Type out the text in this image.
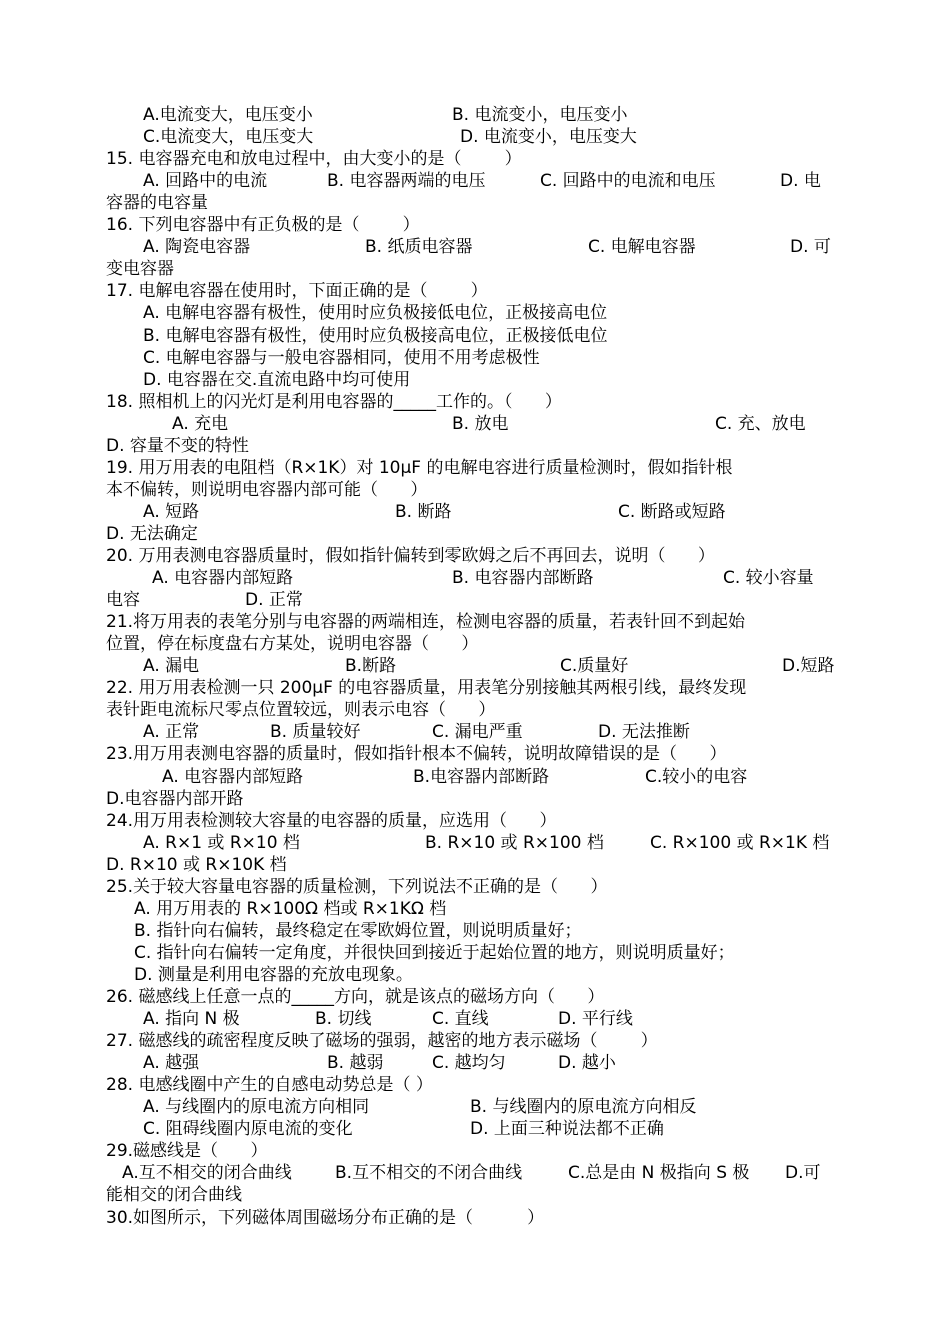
A.电流变大，电压变小	B. 电流变小，电压变小
C.电流变大，电压变大	D. 电流变小，电压变大
15. 电容器充电和放电过程中，由大变小的是（        ）
A. 回路中的电流	B. 电容器两端的电压	C. 回路中的电流和电压	D. 电
容器的电容量
16. 下列电容器中有正负极的是（        ）
A. 陶瓷电容器	B. 纸质电容器	C. 电解电容器	D. 可
变电容器
17. 电解电容器在使用时，下面正确的是（        ）
A. 电解电容器有极性，使用时应负极接低电位，正极接高电位
B. 电解电容器有极性，使用时应负极接高电位，正极接低电位
C. 电解电容器与一般电容器相同，使用不用考虑极性
D. 电容器在交.直流电路中均可使用
18. 照相机上的闪光灯是利用电容器的_____工作的。（      ）
A. 充电	B. 放电	C. 充、放电
D. 容量不变的特性
19. 用万用表的电阻档（R×1K）对 10μF 的电解电容进行质量检测时，假如指针根
本不偏转，则说明电容器内部可能（      ）
A. 短路	B. 断路	C. 断路或短路
D. 无法确定
20. 万用表测电容器质量时，假如指针偏转到零欧姆之后不再回去，说明（      ）
A. 电容器内部短路	B. 电容器内部断路	C. 较小容量
电容	D. 正常
21.将万用表的表笔分别与电容器的两端相连，检测电容器的质量，若表针回不到起始
位置，停在标度盘右方某处，说明电容器（      ）
A. 漏电	B.断路	C.质量好	D.短路
22. 用万用表检测一只 200μF 的电容器质量，用表笔分别接触其两根引线，最终发现
表针距电流标尺零点位置较远，则表示电容（      ）
A. 正常	B. 质量较好	C. 漏电严重	D. 无法推断
23.用万用表测电容器的质量时，假如指针根本不偏转，说明故障错误的是（      ）
A. 电容器内部短路	B.电容器内部断路	C.较小的电容
D.电容器内部开路
24.用万用表检测较大容量的电容器的质量，应选用（      ）
A. R×1 或 R×10 档	B. R×10 或 R×100 档	C. R×100 或 R×1K 档
D. R×10 或 R×10K 档
25.关于较大容量电容器的质量检测，下列说法不正确的是（      ）
A. 用万用表的 R×100Ω 档或 R×1KΩ 档
B. 指针向右偏转，最终稳定在零欧姆位置，则说明质量好；
C. 指针向右偏转一定角度，并很快回到接近于起始位置的地方，则说明质量好；
D. 测量是利用电容器的充放电现象。
26. 磁感线上任意一点的_____方向，就是该点的磁场方向（      ）
A. 指向 N 极	B. 切线	C. 直线	D. 平行线
27. 磁感线的疏密程度反映了磁场的强弱，越密的地方表示磁场（        ）
A. 越强	B. 越弱	C. 越均匀	D. 越小
28. 电感线圈中产生的自感电动势总是（ ）
A. 与线圈内的原电流方向相同	B. 与线圈内的原电流方向相反
C. 阻碍线圈内原电流的变化	D. 上面三种说法都不正确
29.磁感线是（      ）
A.互不相交的闭合曲线	B.互不相交的不闭合曲线	C.总是由 N 极指向 S 极 D.可
能相交的闭合曲线
30.如图所示，下列磁体周围磁场分布正确的是（          ）
